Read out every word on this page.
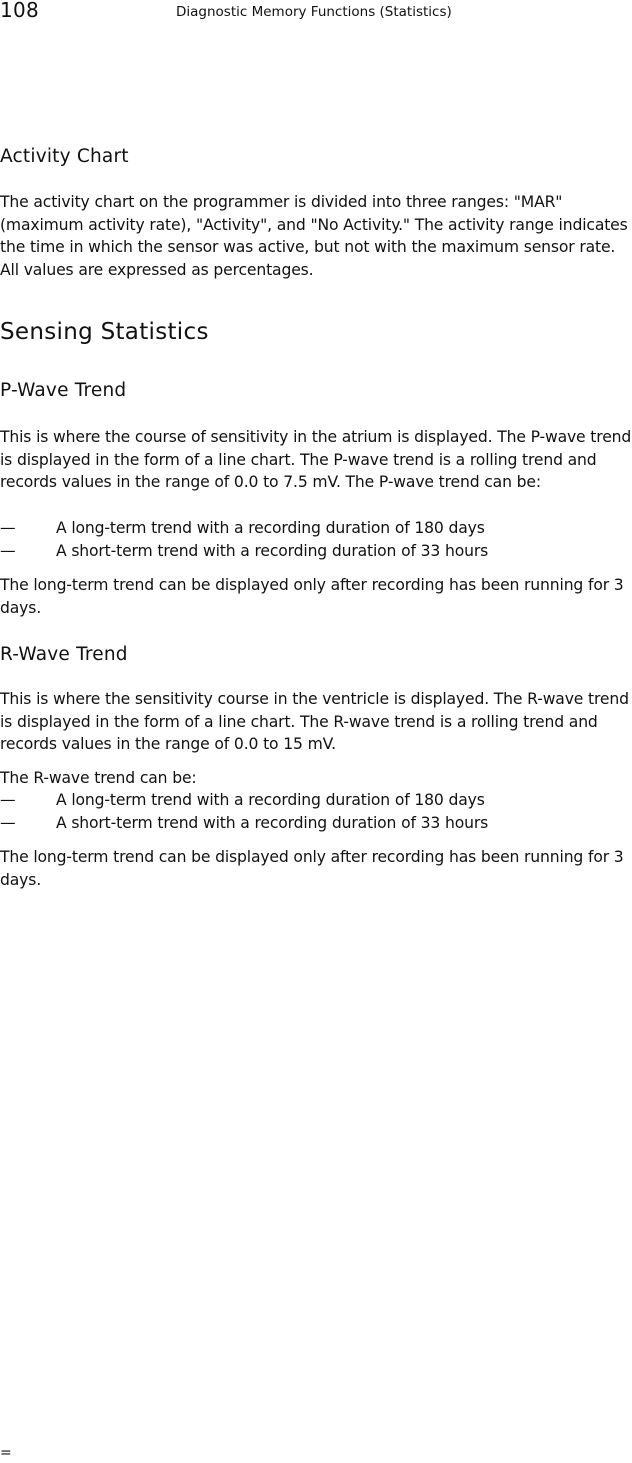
108	Diagnostic Memory Functions (Statistics)
Activity Chart

The activity chart on the programmer is divided into three ranges: "MAR" (maximum activity rate), "Activity", and "No Activity." The activity range indicates the time in which the sensor was active, but not with the maximum sensor rate. All values are expressed as percentages.

Sensing Statistics
P-Wave Trend

This is where the course of sensitivity in the atrium is displayed. The P-wave trend is displayed in the form of a line chart. The P-wave trend is a rolling trend and records values in the range of 0.0 to 7.5 mV. The P-wave trend can be:

—	A long-term trend with a recording duration of 180 days
—	A short-term trend with a recording duration of 33 hours

The long-term trend can be displayed only after recording has been running for 3 days.

R-Wave Trend

This is where the sensitivity course in the ventricle is displayed. The R-wave trend is displayed in the form of a line chart. The R-wave trend is a rolling trend and records values in the range of 0.0 to 15 mV.

The R-wave trend can be:

—	A long-term trend with a recording duration of 180 days
—	A short-term trend with a recording duration of 33 hours

The long-term trend can be displayed only after recording has been running for 3 days.

=
